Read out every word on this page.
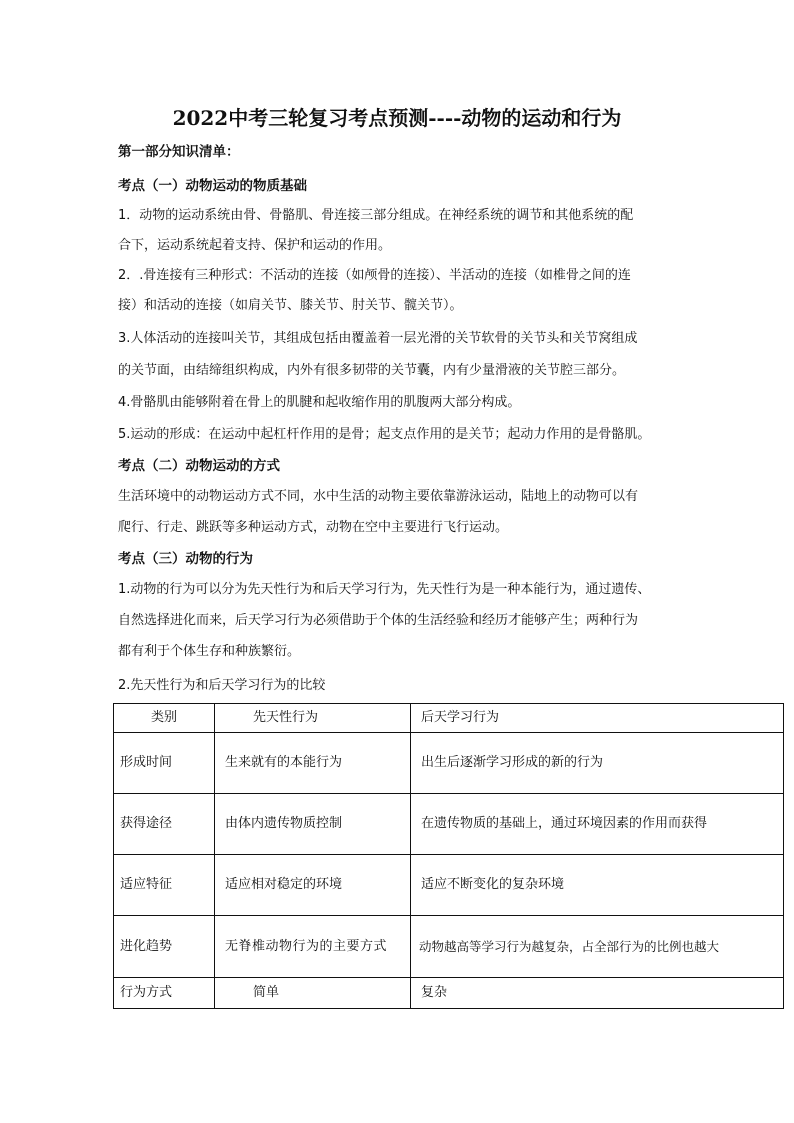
2022中考三轮复习考点预测----动物的运动和行为
第一部分知识清单：
考点（一）动物运动的物质基础
1．动物的运动系统由骨、骨骼肌、骨连接三部分组成。在神经系统的调节和其他系统的配
合下，运动系统起着支持、保护和运动的作用。
2．.骨连接有三种形式：不活动的连接（如颅骨的连接）、半活动的连接（如椎骨之间的连
接）和活动的连接（如肩关节、膝关节、肘关节、髋关节）。
3.人体活动的连接叫关节，其组成包括由覆盖着一层光滑的关节软骨的关节头和关节窝组成
的关节面，由结缔组织构成，内外有很多韧带的关节囊，内有少量滑液的关节腔三部分。
4.骨骼肌由能够附着在骨上的肌腱和起收缩作用的肌腹两大部分构成。
5.运动的形成：在运动中起杠杆作用的是骨；起支点作用的是关节；起动力作用的是骨骼肌。
考点（二）动物运动的方式
生活环境中的动物运动方式不同，水中生活的动物主要依靠游泳运动，陆地上的动物可以有
爬行、行走、跳跃等多种运动方式，动物在空中主要进行飞行运动。
考点（三）动物的行为
1.动物的行为可以分为先天性行为和后天学习行为，先天性行为是一种本能行为，通过遗传、
自然选择进化而来，后天学习行为必须借助于个体的生活经验和经历才能够产生；两种行为
都有利于个体生存和种族繁衍。
2.先天性行为和后天学习行为的比较
类别	先天性行为	后天学习行为
形成时间	生来就有的本能行为	出生后逐渐学习形成的新的行为
获得途径	由体内遗传物质控制	在遗传物质的基础上，通过环境因素的作用而获得
适应特征	适应相对稳定的环境	适应不断变化的复杂环境
进化趋势	无脊椎动物行为的主要方式	动物越高等学习行为越复杂，占全部行为的比例也越大
行为方式	简单	复杂
